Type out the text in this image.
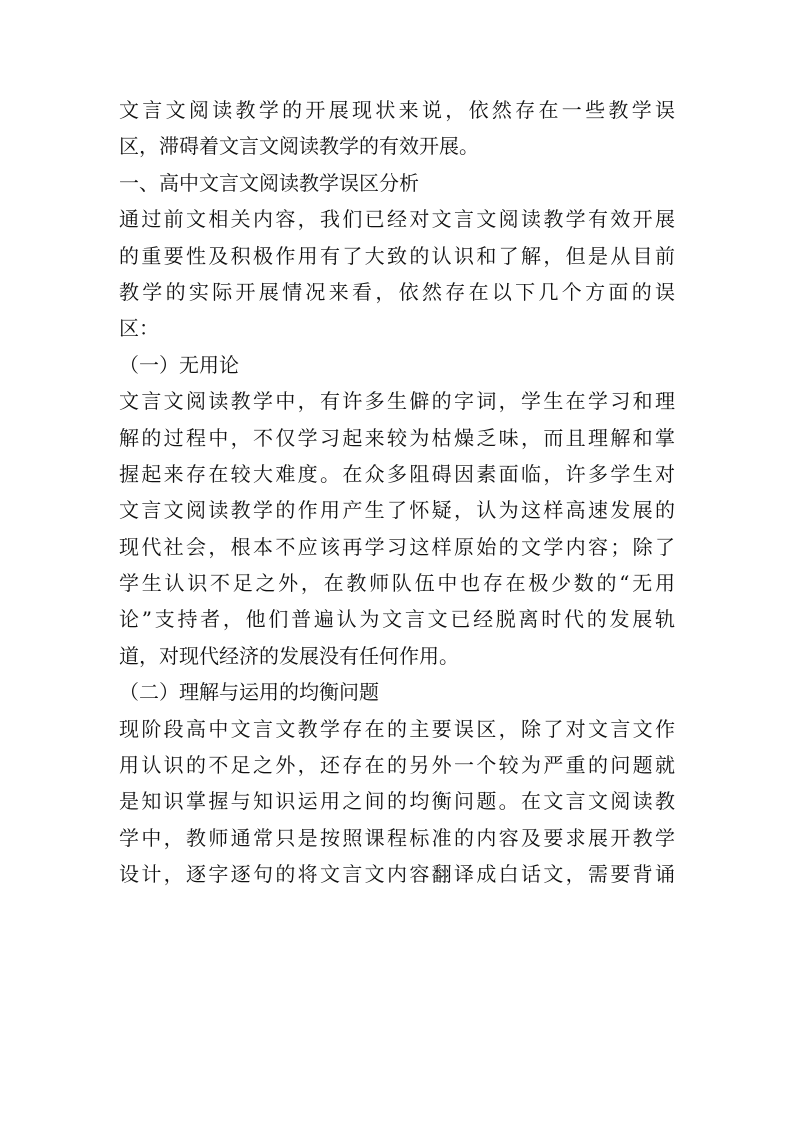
文言文阅读教学的开展现状来说，依然存在一些教学误
区，滞碍着文言文阅读教学的有效开展。
一、高中文言文阅读教学误区分析
通过前文相关内容，我们已经对文言文阅读教学有效开展
的重要性及积极作用有了大致的认识和了解，但是从目前
教学的实际开展情况来看，依然存在以下几个方面的误
区：
（一）无用论
文言文阅读教学中，有许多生僻的字词，学生在学习和理
解的过程中，不仅学习起来较为枯燥乏味，而且理解和掌
握起来存在较大难度。在众多阻碍因素面临，许多学生对
文言文阅读教学的作用产生了怀疑，认为这样高速发展的
现代社会，根本不应该再学习这样原始的文学内容；除了
学生认识不足之外，在教师队伍中也存在极少数的“无用
论”支持者，他们普遍认为文言文已经脱离时代的发展轨
道，对现代经济的发展没有任何作用。
（二）理解与运用的均衡问题
现阶段高中文言文教学存在的主要误区，除了对文言文作
用认识的不足之外，还存在的另外一个较为严重的问题就
是知识掌握与知识运用之间的均衡问题。在文言文阅读教
学中，教师通常只是按照课程标准的内容及要求展开教学
设计，逐字逐句的将文言文内容翻译成白话文，需要背诵
